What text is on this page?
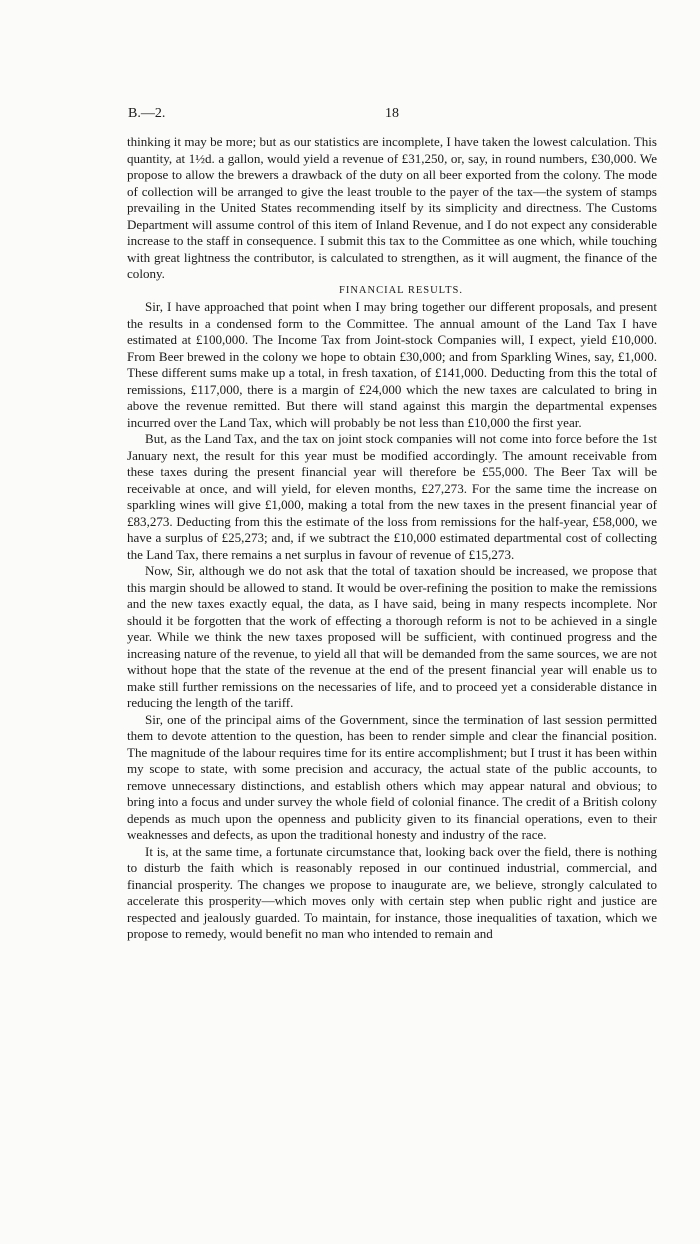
B.—2.	18

thinking it may be more; but as our statistics are incomplete, I have taken the lowest calculation. This quantity, at 1½d. a gallon, would yield a revenue of £31,250, or, say, in round numbers, £30,000. We propose to allow the brewers a drawback of the duty on all beer exported from the colony. The mode of collection will be arranged to give the least trouble to the payer of the tax—the system of stamps prevailing in the United States recommending itself by its simplicity and directness. The Customs Department will assume control of this item of Inland Revenue, and I do not expect any considerable increase to the staff in consequence. I submit this tax to the Committee as one which, while touching with great lightness the contributor, is calculated to strengthen, as it will augment, the finance of the colony.

FINANCIAL RESULTS.

Sir, I have approached that point when I may bring together our different proposals, and present the results in a condensed form to the Committee. The annual amount of the Land Tax I have estimated at £100,000. The Income Tax from Joint-stock Companies will, I expect, yield £10,000. From Beer brewed in the colony we hope to obtain £30,000; and from Sparkling Wines, say, £1,000. These different sums make up a total, in fresh taxation, of £141,000. Deducting from this the total of remissions, £117,000, there is a margin of £24,000 which the new taxes are calculated to bring in above the revenue remitted. But there will stand against this margin the departmental expenses incurred over the Land Tax, which will probably be not less than £10,000 the first year.

But, as the Land Tax, and the tax on joint stock companies will not come into force before the 1st January next, the result for this year must be modified accordingly. The amount receivable from these taxes during the present financial year will therefore be £55,000. The Beer Tax will be receivable at once, and will yield, for eleven months, £27,273. For the same time the increase on sparkling wines will give £1,000, making a total from the new taxes in the present financial year of £83,273. Deducting from this the estimate of the loss from remissions for the half-year, £58,000, we have a surplus of £25,273; and, if we subtract the £10,000 estimated departmental cost of collecting the Land Tax, there remains a net surplus in favour of revenue of £15,273.

Now, Sir, although we do not ask that the total of taxation should be increased, we propose that this margin should be allowed to stand. It would be over-refining the position to make the remissions and the new taxes exactly equal, the data, as I have said, being in many respects incomplete. Nor should it be forgotten that the work of effecting a thorough reform is not to be achieved in a single year. While we think the new taxes proposed will be sufficient, with continued progress and the increasing nature of the revenue, to yield all that will be demanded from the same sources, we are not without hope that the state of the revenue at the end of the present financial year will enable us to make still further remissions on the necessaries of life, and to proceed yet a considerable distance in reducing the length of the tariff.

Sir, one of the principal aims of the Government, since the termination of last session permitted them to devote attention to the question, has been to render simple and clear the financial position. The magnitude of the labour requires time for its entire accomplishment; but I trust it has been within my scope to state, with some precision and accuracy, the actual state of the public accounts, to remove unnecessary distinctions, and establish others which may appear natural and obvious; to bring into a focus and under survey the whole field of colonial finance. The credit of a British colony depends as much upon the openness and publicity given to its financial operations, even to their weaknesses and defects, as upon the traditional honesty and industry of the race.

It is, at the same time, a fortunate circumstance that, looking back over the field, there is nothing to disturb the faith which is reasonably reposed in our continued industrial, commercial, and financial prosperity. The changes we propose to inaugurate are, we believe, strongly calculated to accelerate this prosperity—which moves only with certain step when public right and justice are respected and jealously guarded. To maintain, for instance, those inequalities of taxation, which we propose to remedy, would benefit no man who intended to remain and
